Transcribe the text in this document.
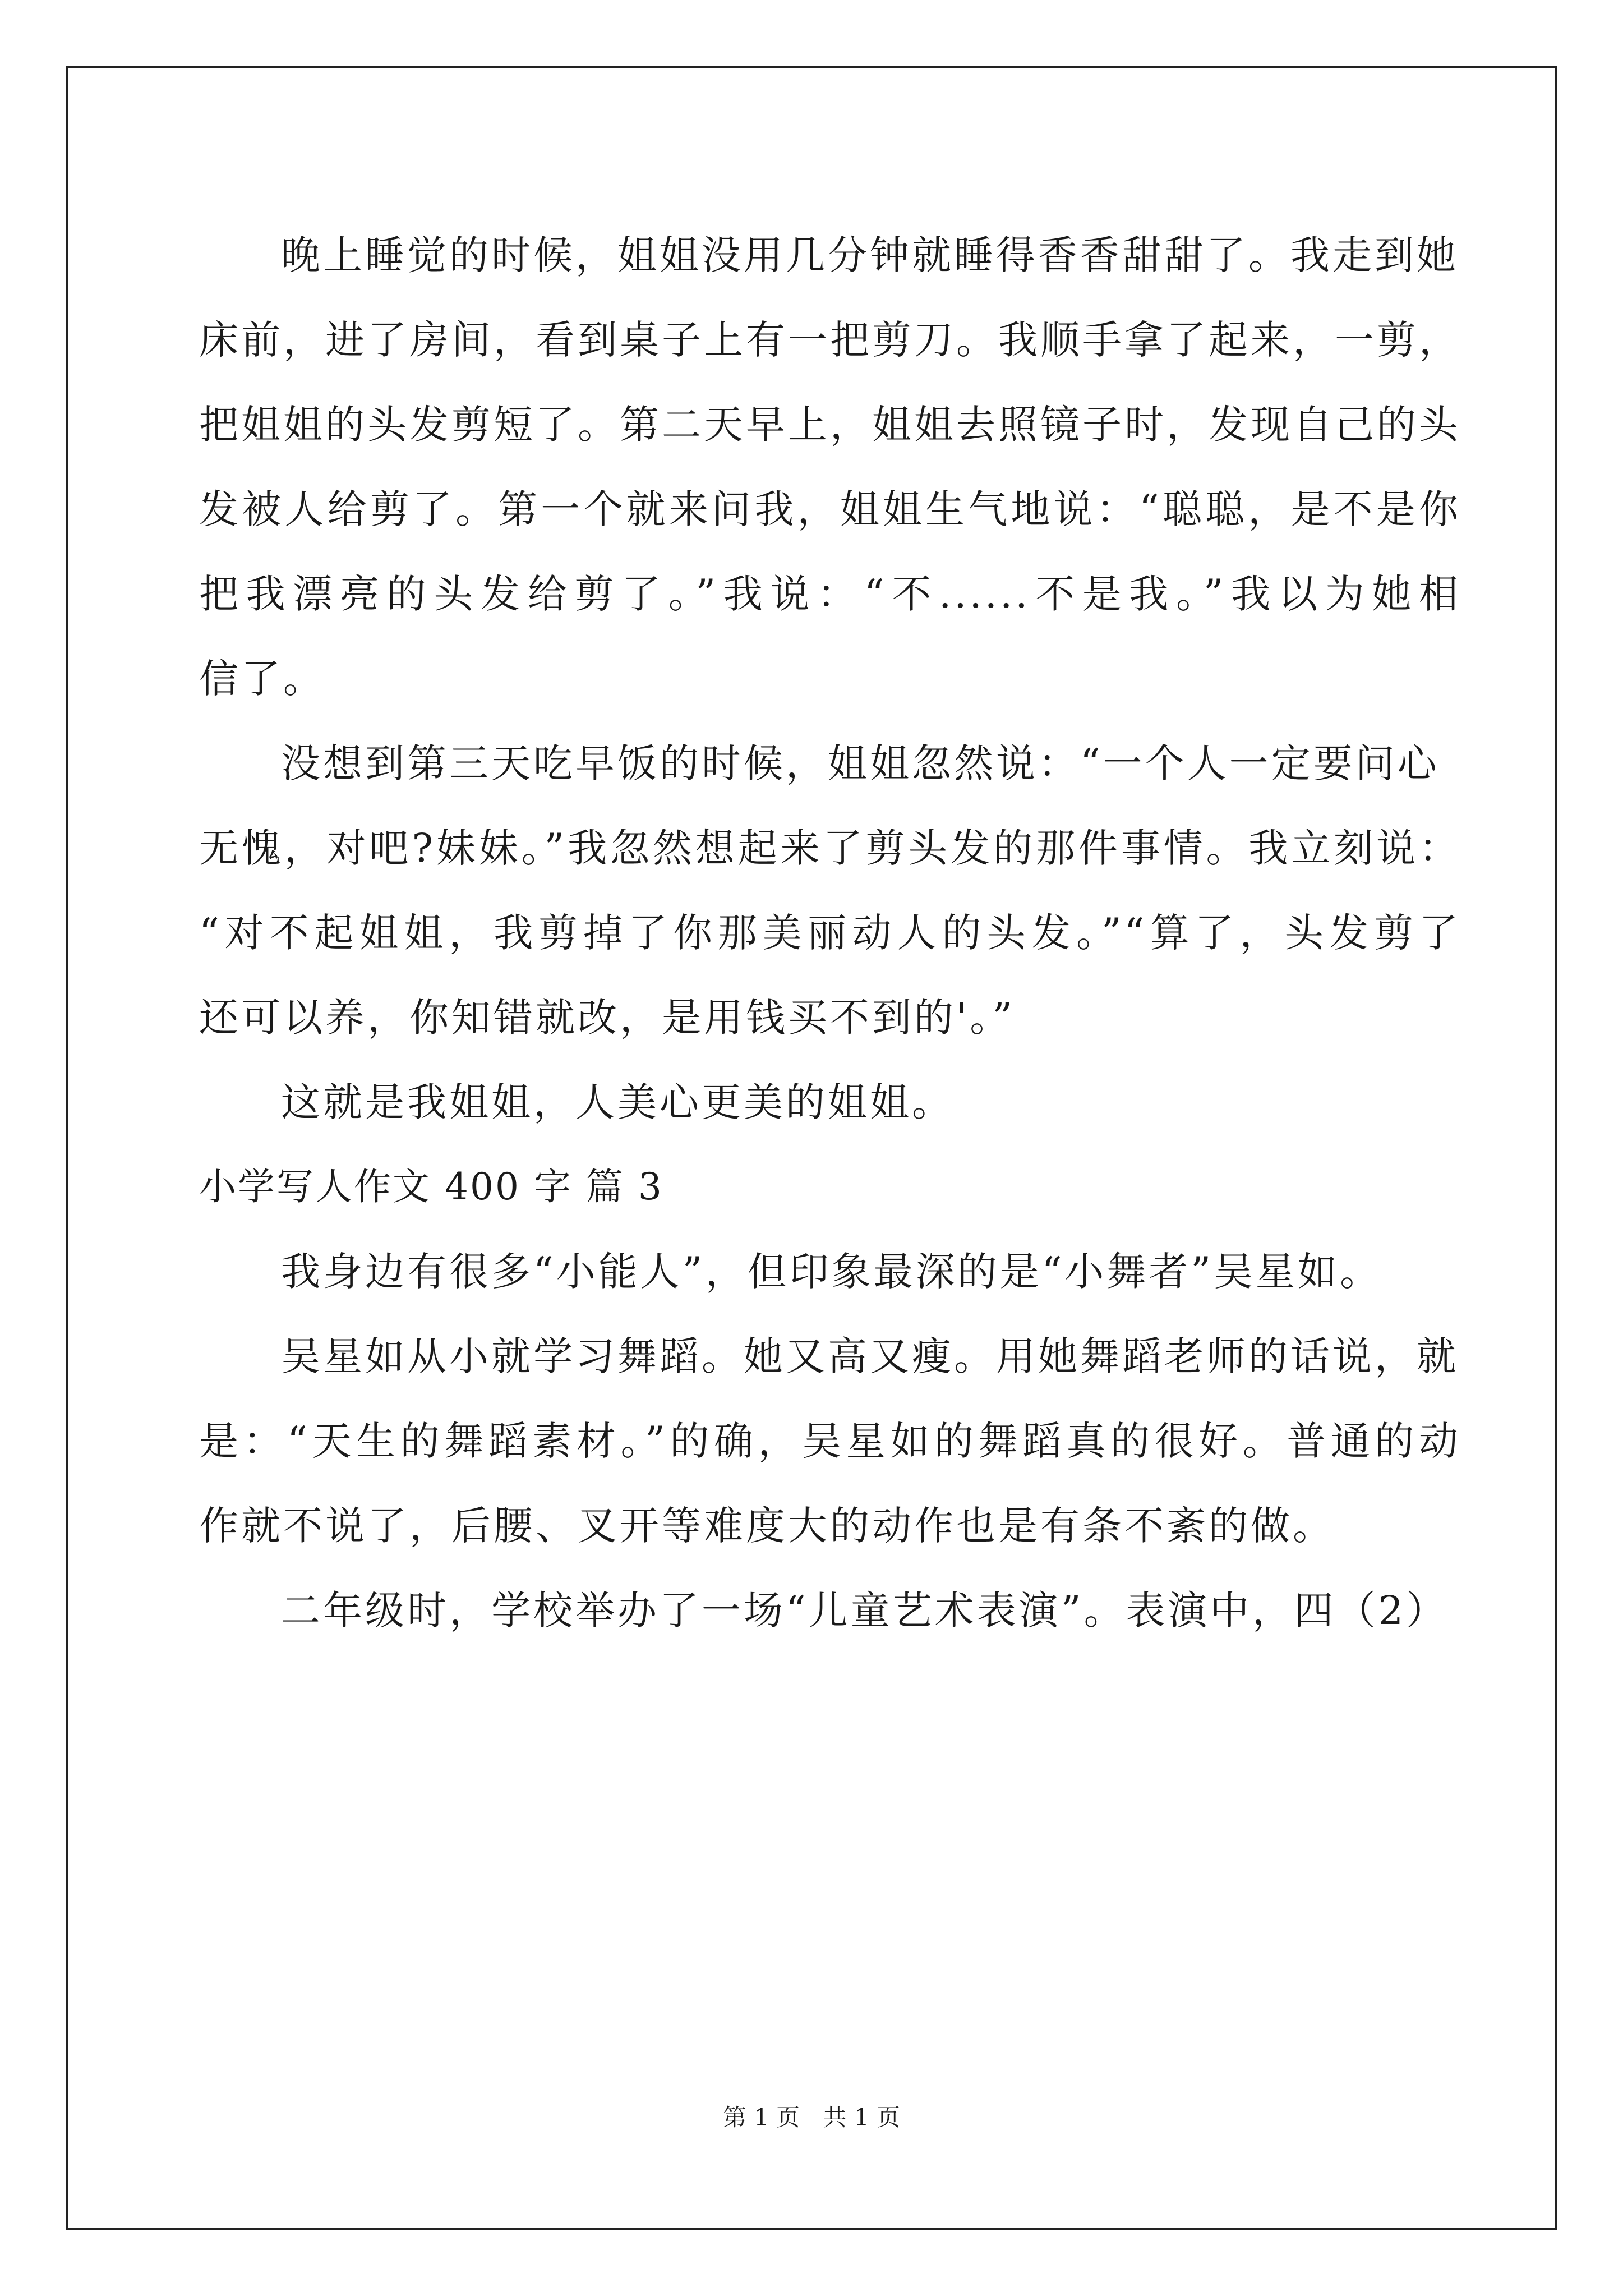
晚上睡觉的时候，姐姐没用几分钟就睡得香香甜甜了。我走到她
床前，进了房间，看到桌子上有一把剪刀。我顺手拿了起来，一剪，
把姐姐的头发剪短了。第二天早上，姐姐去照镜子时，发现自己的头
发被人给剪了。第一个就来问我，姐姐生气地说：“聪聪，是不是你
把我漂亮的头发给剪了。”我说：“不......不是我。”我以为她相
信了。
没想到第三天吃早饭的时候，姐姐忽然说：“一个人一定要问心
无愧，对吧?妹妹。”我忽然想起来了剪头发的那件事情。我立刻说：
“对不起姐姐，我剪掉了你那美丽动人的头发。”“算了，头发剪了
还可以养，你知错就改，是用钱买不到的'。”
这就是我姐姐，人美心更美的姐姐。
小学写人作文 400 字 篇 3
我身边有很多“小能人”，但印象最深的是“小舞者”吴星如。
吴星如从小就学习舞蹈。她又高又瘦。用她舞蹈老师的话说，就
是：“天生的舞蹈素材。”的确，吴星如的舞蹈真的很好。普通的动
作就不说了，后腰、叉开等难度大的动作也是有条不紊的做。
二年级时，学校举办了一场“儿童艺术表演”。表演中，四（2）
第 1 页 共 1 页
